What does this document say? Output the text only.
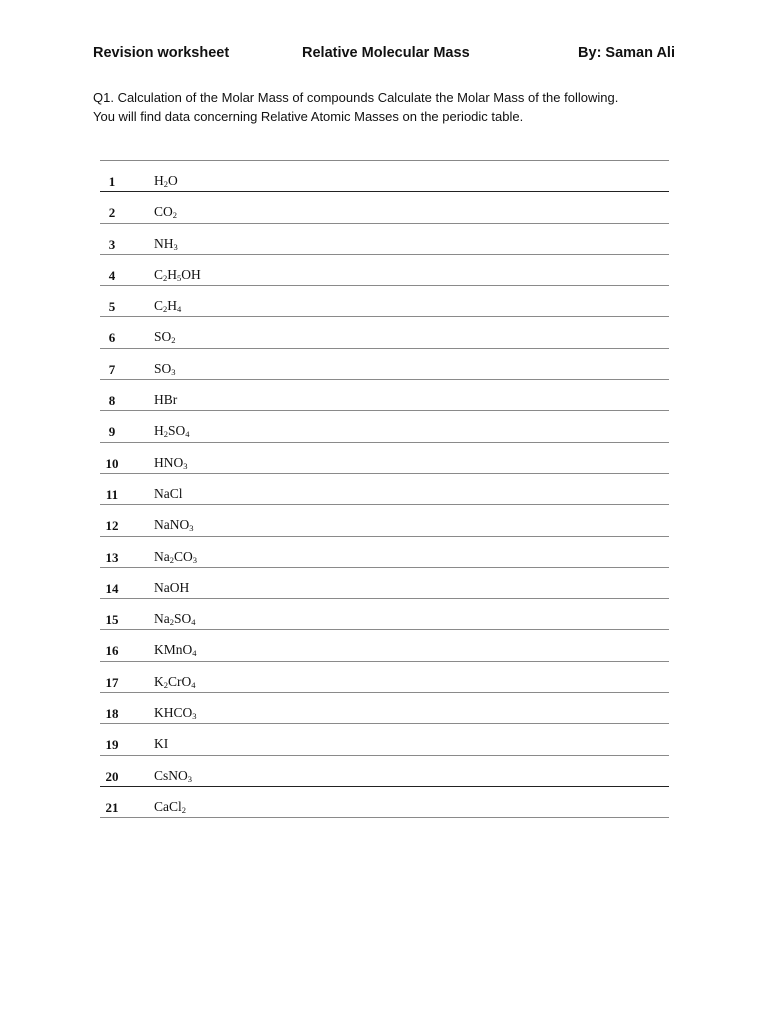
Revision worksheet	Relative Molecular Mass	By: Saman Ali
Q1. Calculation of the Molar Mass of compounds Calculate the Molar Mass of the following.
You will find data concerning Relative Atomic Masses on the periodic table.
1	$H_2O$
2	$CO_2$
3	$NH_3$
4	$C_2H_5OH$
5	$C_2H_4$
6	$SO_2$
7	$SO_3$
8	HBr
9	$H_2SO_4$
10	$HNO_3$
11	NaCl
12	NaNO$_3$
13	$Na_2CO_3$
14	NaOH
15	$Na_2SO_4$
16	KMnO$_4$
17	$K_2CrO_4$
18	$KHCO_3$
19	KI
20	CsNO$_3$
21	CaCl$_2$
